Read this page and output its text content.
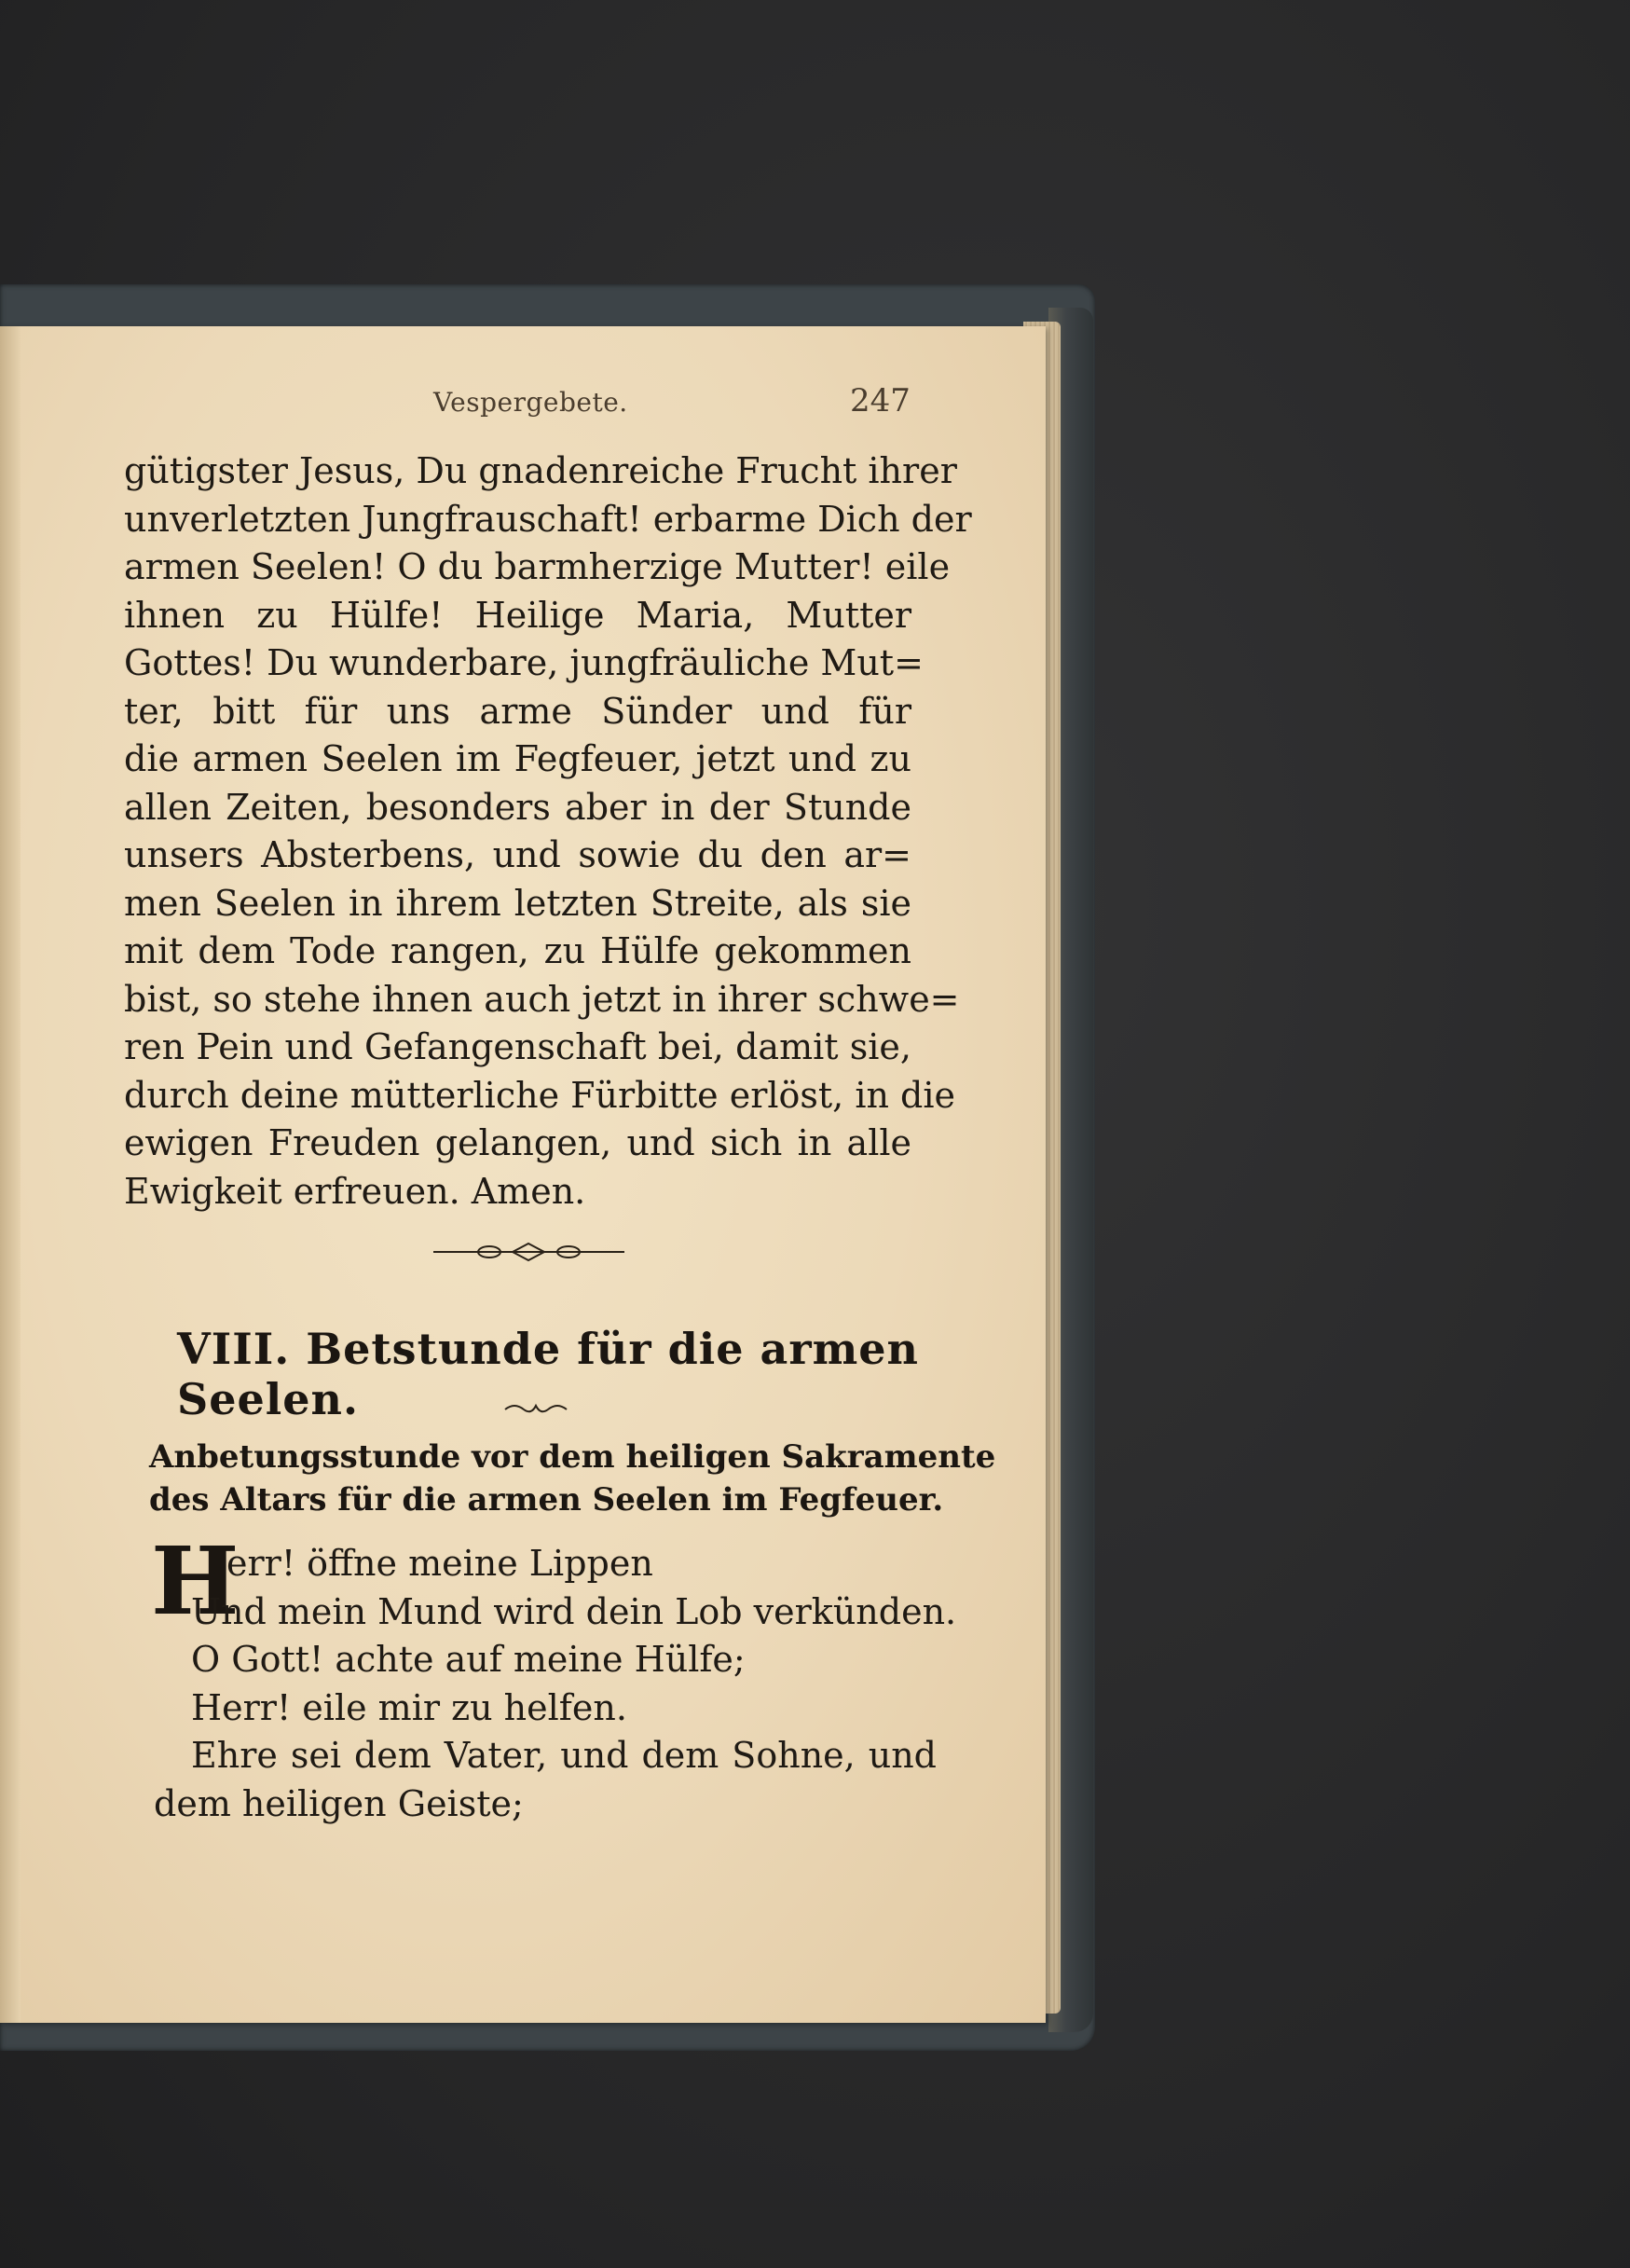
Vespergebete.	247
gütigster Jesus, Du gnadenreiche Frucht ihrer
unverletzten Jungfrauschaft! erbarme Dich der
armen Seelen! O du barmherzige Mutter! eile
ihnen zu Hülfe! Heilige Maria, Mutter
Gottes! Du wunderbare, jungfräuliche Mut=
ter, bitt für uns arme Sünder und für
die armen Seelen im Fegfeuer, jetzt und zu
allen Zeiten, besonders aber in der Stunde
unsers Absterbens, und sowie du den ar=
men Seelen in ihrem letzten Streite, als sie
mit dem Tode rangen, zu Hülfe gekommen
bist, so stehe ihnen auch jetzt in ihrer schwe=
ren Pein und Gefangenschaft bei, damit sie,
durch deine mütterliche Fürbitte erlöst, in die
ewigen Freuden gelangen, und sich in alle
Ewigkeit erfreuen. Amen.
VIII. Betstunde für die armen Seelen.
Anbetungsstunde vor dem heiligen Sakramente
des Altars für die armen Seelen im Fegfeuer.
H
err! öffne meine Lippen
Und mein Mund wird dein Lob verkünden.
O Gott! achte auf meine Hülfe;
Herr! eile mir zu helfen.
Ehre sei dem Vater, und dem Sohne, und
dem heiligen Geiste;
